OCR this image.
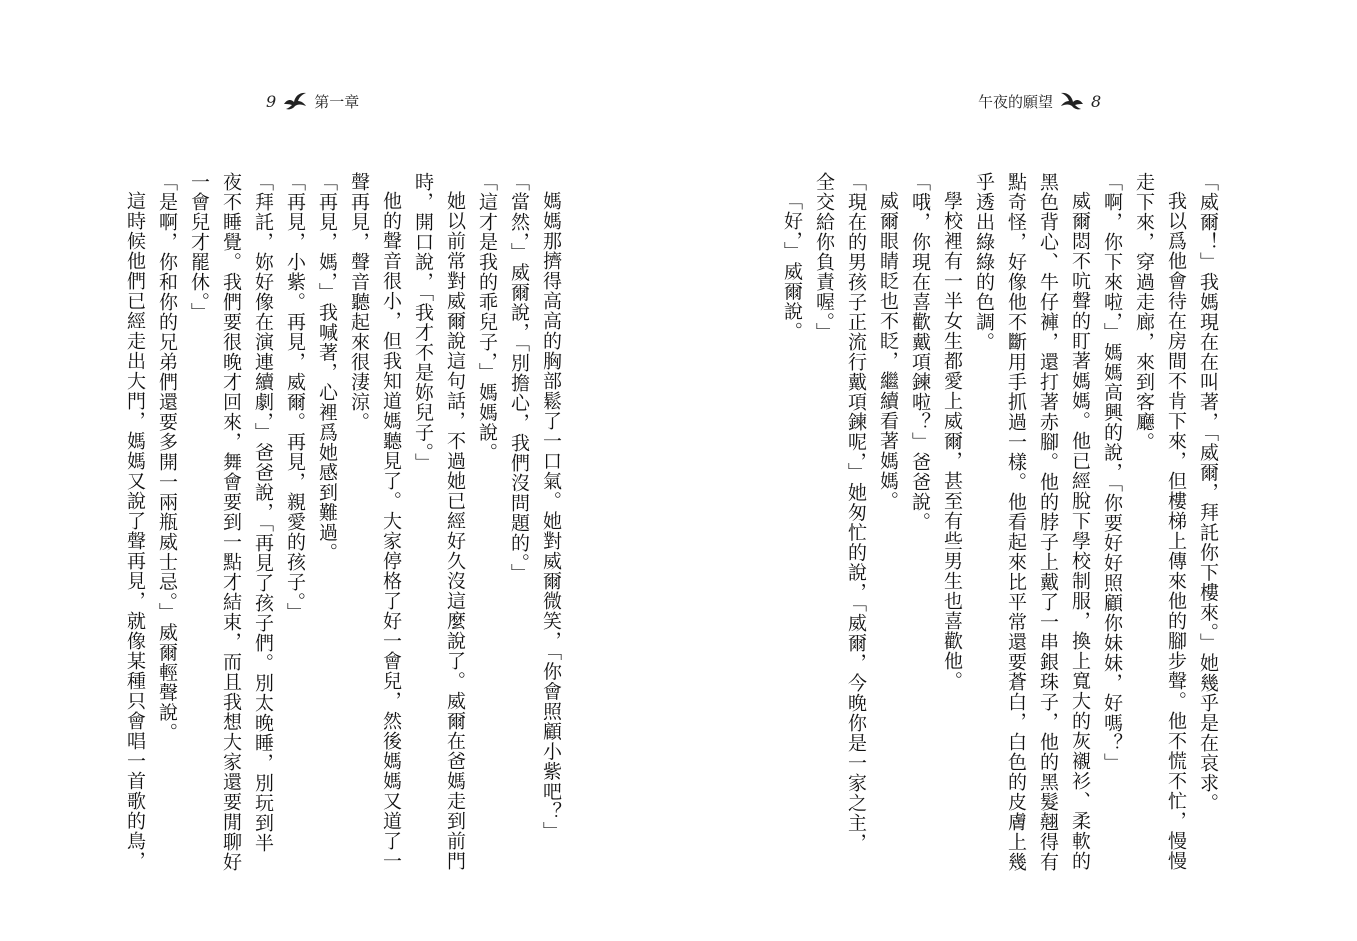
9	第一章	午夜的願望 8

「威爾！」我媽現在在叫著，「威爾，拜託你下樓來。」她幾乎是在哀求。

我以爲他會待在房間不肯下來，但樓梯上傳來他的腳步聲。他不慌不忙，慢慢走下來，穿過走廊，來到客廳。

「啊，你下來啦，」媽媽高興的說，「你要好好照顧你妹妹，好嗎？」

威爾悶不吭聲的盯著媽媽。他已經脫下學校制服，換上寬大的灰襯衫、柔軟的黑色背心、牛仔褲，還打著赤腳。他的脖子上戴了一串銀珠子，他的黑髮翹得有點奇怪，好像他不斷用手抓過一樣。他看起來比平常還要蒼白，白色的皮膚上幾乎透出綠綠的色調。

學校裡有一半女生都愛上威爾，甚至有些男生也喜歡他。

「哦，你現在喜歡戴項鍊啦？」爸爸說。

威爾眼睛眨也不眨，繼續看著媽媽。

「現在的男孩子正流行戴項鍊呢，」她匆忙的說，「威爾，今晚你是一家之主，全交給你負責喔。」

「好，」威爾說。

媽媽那擠得高高的胸部鬆了一口氣。她對威爾微笑，「你會照顧小紫吧？」

「當然，」威爾說，「別擔心，我們沒問題的。」

「這才是我的乖兒子，」媽媽說。

她以前常對威爾說這句話，不過她已經好久沒這麼說了。威爾在爸媽走到前門時，開口說，「我才不是妳兒子。」

他的聲音很小，但我知道媽聽見了。大家停格了好一會兒，然後媽媽又道了一聲再見，聲音聽起來很淒涼。

「再見，媽，」我喊著，心裡爲她感到難過。

「再見，小紫。再見，威爾。再見，親愛的孩子。」

「拜託，妳好像在演連續劇，」爸爸說，「再見了孩子們。別太晚睡，別玩到半夜不睡覺。我們要很晚才回來，舞會要到一點才結束，而且我想大家還要閒聊好一會兒才罷休。」

「是啊，你和你的兄弟們還要多開一兩瓶威士忌。」威爾輕聲說。

這時候他們已經走出大門，媽媽又說了聲再見，就像某種只會唱一首歌的鳥，
